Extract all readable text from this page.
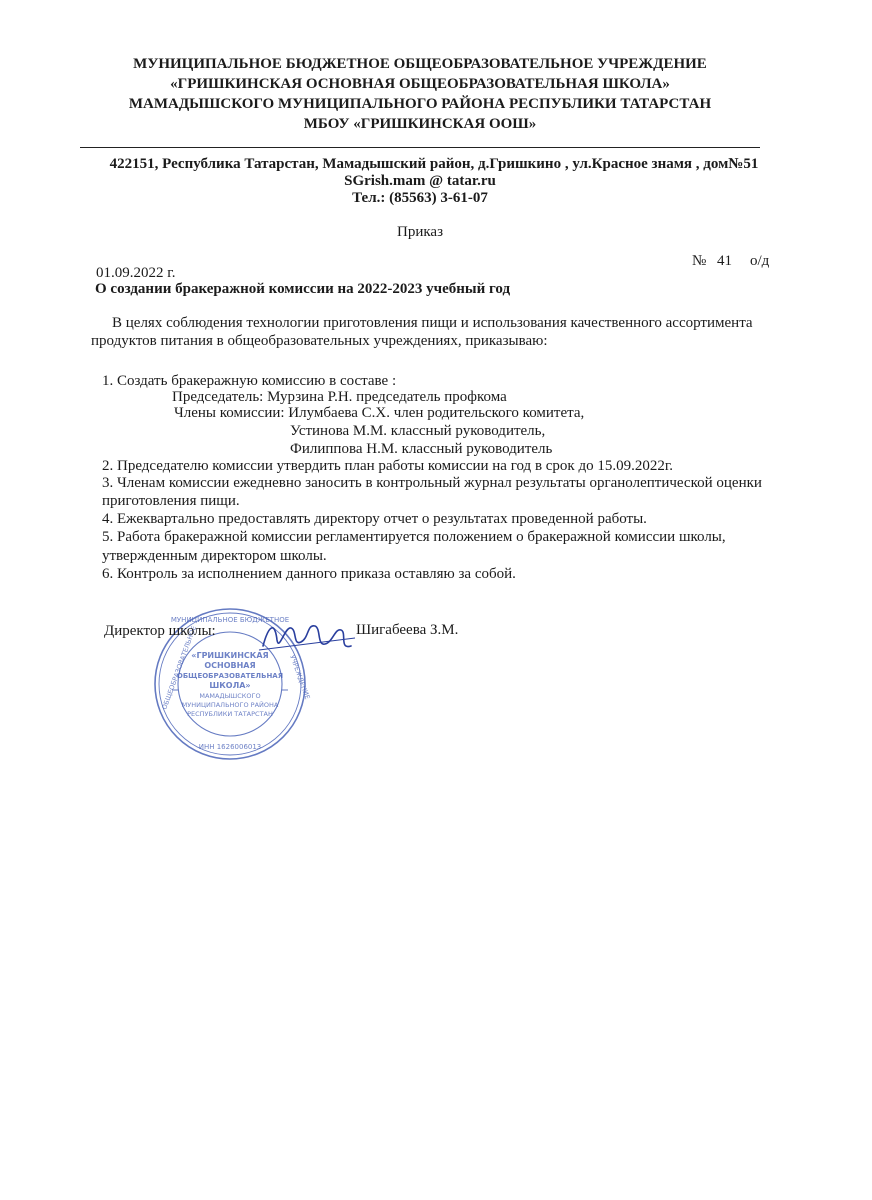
МУНИЦИПАЛЬНОЕ БЮДЖЕТНОЕ ОБЩЕОБРАЗОВАТЕЛЬНОЕ УЧРЕЖДЕНИЕ
«ГРИШКИНСКАЯ ОСНОВНАЯ ОБЩЕОБРАЗОВАТЕЛЬНАЯ ШКОЛА»
МАМАДЫШСКОГО МУНИЦИПАЛЬНОГО РАЙОНА РЕСПУБЛИКИ ТАТАРСТАН
МБОУ «ГРИШКИНСКАЯ ООШ»
422151, Республика Татарстан, Мамадышский район, д.Гришкино , ул.Красное знамя , дом№51
SGrish.mam @ tatar.ru
Тел.: (85563) 3-61-07
Приказ
01.09.2022 г.
№ 41 о/д
О создании бракеражной комиссии на 2022-2023 учебный год
В целях соблюдения технологии приготовления пищи и использования качественного ассортимента
продуктов питания в общеобразовательных учреждениях, приказываю:
1. Создать бракеражную комиссию в составе :
Председатель: Мурзина Р.Н. председатель профкома
Члены комиссии: Илумбаева С.Х. член родительского комитета,
Устинова М.М. классный руководитель,
Филиппова Н.М. классный руководитель
2. Председателю комиссии утвердить план работы комиссии на год в срок до 15.09.2022г.
3. Членам комиссии ежедневно заносить в контрольный журнал результаты органолептической оценки
приготовления пищи.
4. Ежеквартально предоставлять директору отчет о результатах проведенной работы.
5. Работа бракеражной комиссии регламентируется положением о бракеражной комиссии школы,
утвержденным директором школы.
6. Контроль за исполнением данного приказа оставляю за собой.
МУНИЦИПАЛЬНОЕ БЮДЖЕТНОЕ
ИНН 1626006013
ОБЩЕОБРАЗОВАТЕЛЬНОЕ	УЧРЕЖДЕНИЕ
«ГРИШКИНСКАЯ
ОСНОВНАЯ
ОБЩЕОБРАЗОВАТЕЛЬНАЯ
ШКОЛА»
МАМАДЫШСКОГО
МУНИЦИПАЛЬНОГО РАЙОНА
РЕСПУБЛИКИ ТАТАРСТАН
Директор школы:	Шигабеева З.М.
